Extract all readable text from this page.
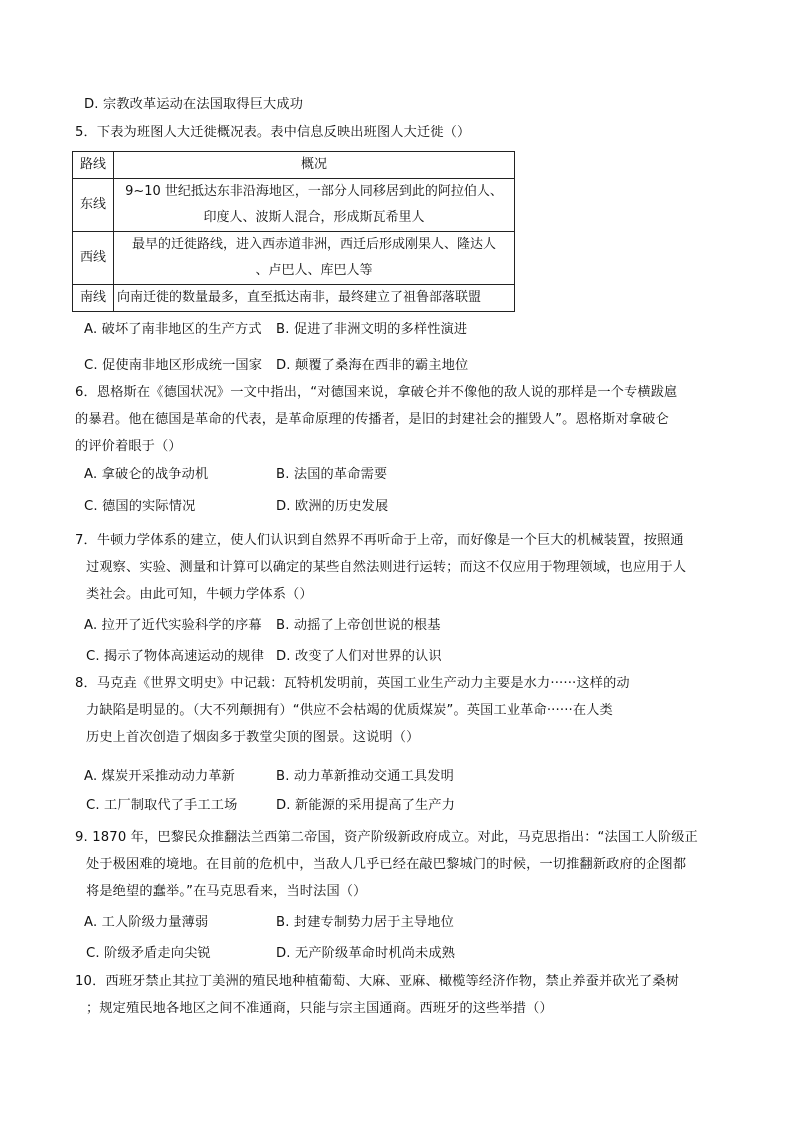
D. 宗教改革运动在法国取得巨大成功
5．下表为班图人大迁徙概况表。表中信息反映出班图人大迁徙（）
路线	概况
东线	9~10 世纪抵达东非沿海地区，一部分人同移居到此的阿拉伯人、
印度人、波斯人混合，形成斯瓦希里人

西线	最早的迁徙路线，进入西赤道非洲，西迁后形成刚果人、隆达人
、卢巴人、库巴人等

南线	向南迁徙的数量最多，直至抵达南非，最终建立了祖鲁部落联盟
A. 破坏了南非地区的生产方式 B. 促进了非洲文明的多样性演进
C. 促使南非地区形成统一国家 D. 颠覆了桑海在西非的霸主地位
6．恩格斯在《德国状况》一文中指出，“对德国来说，拿破仑并不像他的敌人说的那样是一个专横跋扈
的暴君。他在德国是革命的代表，是革命原理的传播者，是旧的封建社会的摧毁人”。恩格斯对拿破仑
的评价着眼于（）
A. 拿破仑的战争动机	B. 法国的革命需要
C. 德国的实际情况	D. 欧洲的历史发展
7．牛顿力学体系的建立，使人们认识到自然界不再听命于上帝，而好像是一个巨大的机械装置，按照通
过观察、实验、测量和计算可以确定的某些自然法则进行运转；而这不仅应用于物理领域，也应用于人
类社会。由此可知，牛顿力学体系（）
A. 拉开了近代实验科学的序幕 B. 动摇了上帝创世说的根基
C. 揭示了物体高速运动的规律 D. 改变了人们对世界的认识
8．马克垚《世界文明史》中记载：瓦特机发明前，英国工业生产动力主要是水力······这样的动
力缺陷是明显的。（大不列颠拥有）“供应不会枯竭的优质煤炭”。英国工业革命······在人类
历史上首次创造了烟囱多于教堂尖顶的图景。这说明（）
A. 煤炭开采推动动力革新	B. 动力革新推动交通工具发明
C. 工厂制取代了手工工场	D. 新能源的采用提高了生产力
9. 1870 年，巴黎民众推翻法兰西第二帝国，资产阶级新政府成立。对此，马克思指出：“法国工人阶级正
处于极困难的境地。在目前的危机中，当敌人几乎已经在敲巴黎城门的时候，一切推翻新政府的企图都
将是绝望的蠢举。”在马克思看来，当时法国（）
A. 工人阶级力量薄弱	B. 封建专制势力居于主导地位
C. 阶级矛盾走向尖锐	D. 无产阶级革命时机尚未成熟
10．西班牙禁止其拉丁美洲的殖民地种植葡萄、大麻、亚麻、橄榄等经济作物，禁止养蚕并砍光了桑树
；规定殖民地各地区之间不准通商，只能与宗主国通商。西班牙的这些举措（）
